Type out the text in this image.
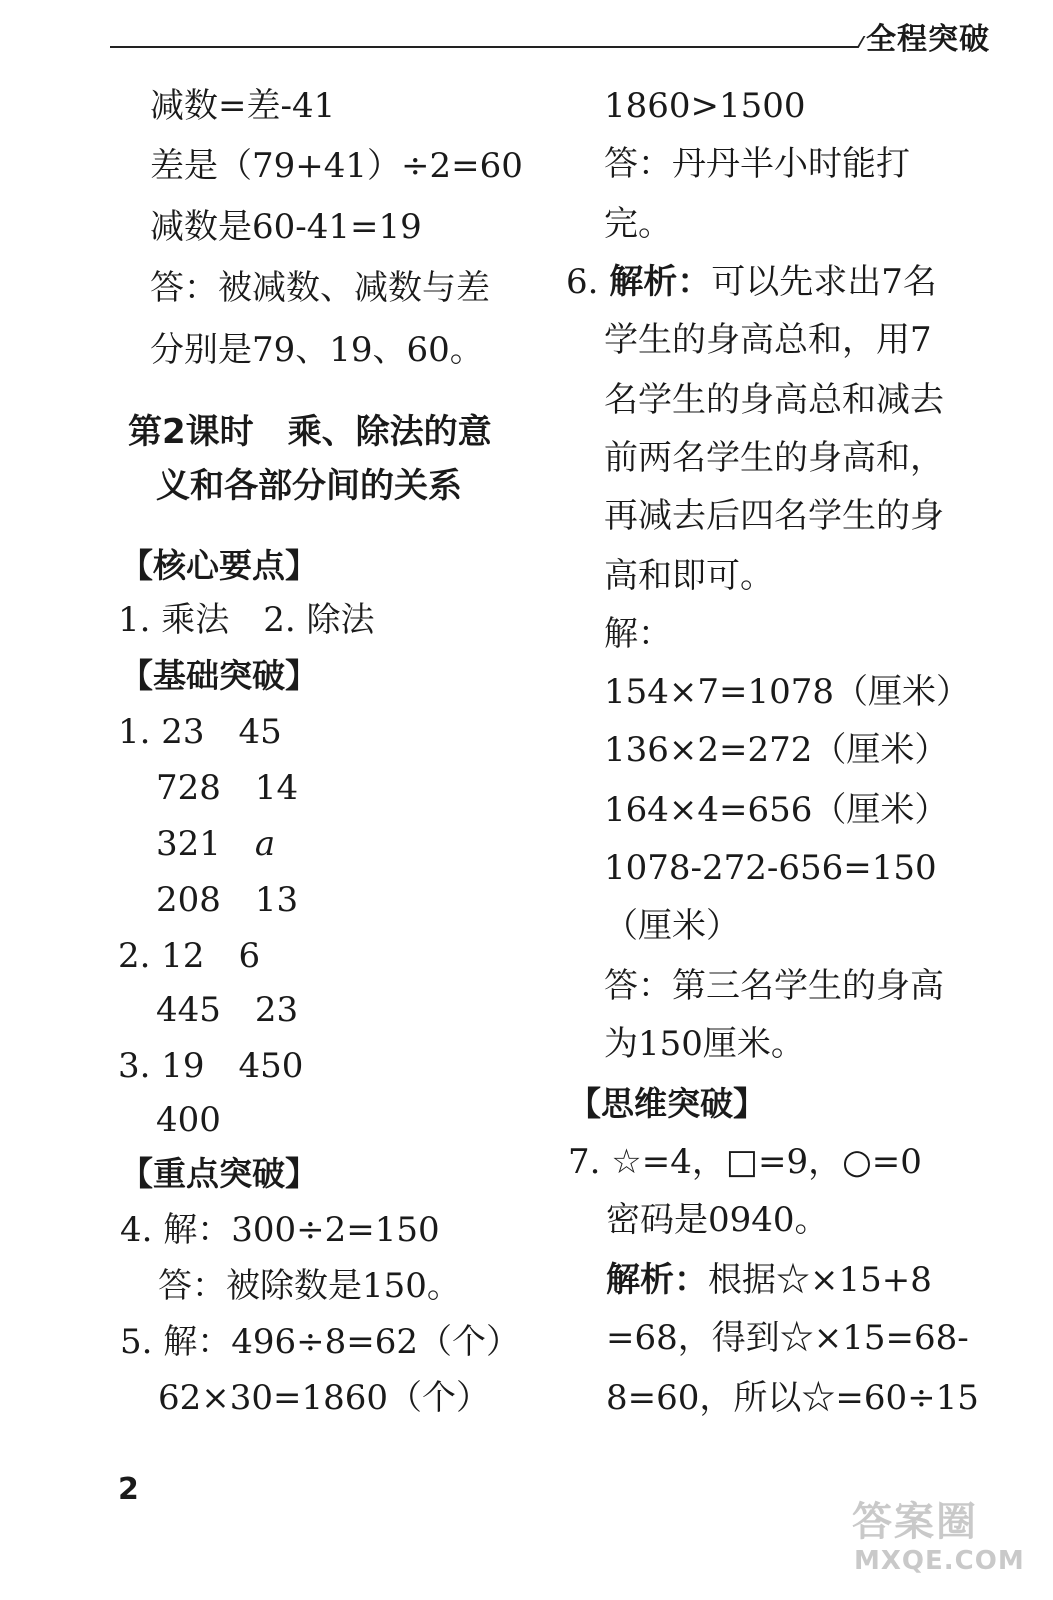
全程突破
减数=差-41
差是（79+41）÷2=60
减数是60-41=19
答：被减数、减数与差
分别是79、19、60。
第2课时　乘、除法的意
义和各部分间的关系
【核心要点】
1. 乘法　2. 除法
【基础突破】
1. 23　45
728　14
321　a
208　13
2. 12　6
445　23
3. 19　450
400
【重点突破】
4. 解：300÷2=150
答：被除数是150。
5. 解：496÷8=62（个）
62×30=1860（个）
1860>1500
答：丹丹半小时能打
完。
6. 解析：可以先求出7名
学生的身高总和，用7
名学生的身高总和减去
前两名学生的身高和，
再减去后四名学生的身
高和即可。
解：
154×7=1078（厘米）
136×2=272（厘米）
164×4=656（厘米）
1078-272-656=150
（厘米）
答：第三名学生的身高
为150厘米。
【思维突破】
7. ☆=4，□=9，○=0
密码是0940。
解析：根据☆×15+8
=68，得到☆×15=68-
8=60，所以☆=60÷15
2
答案圈
MXQE.COM
